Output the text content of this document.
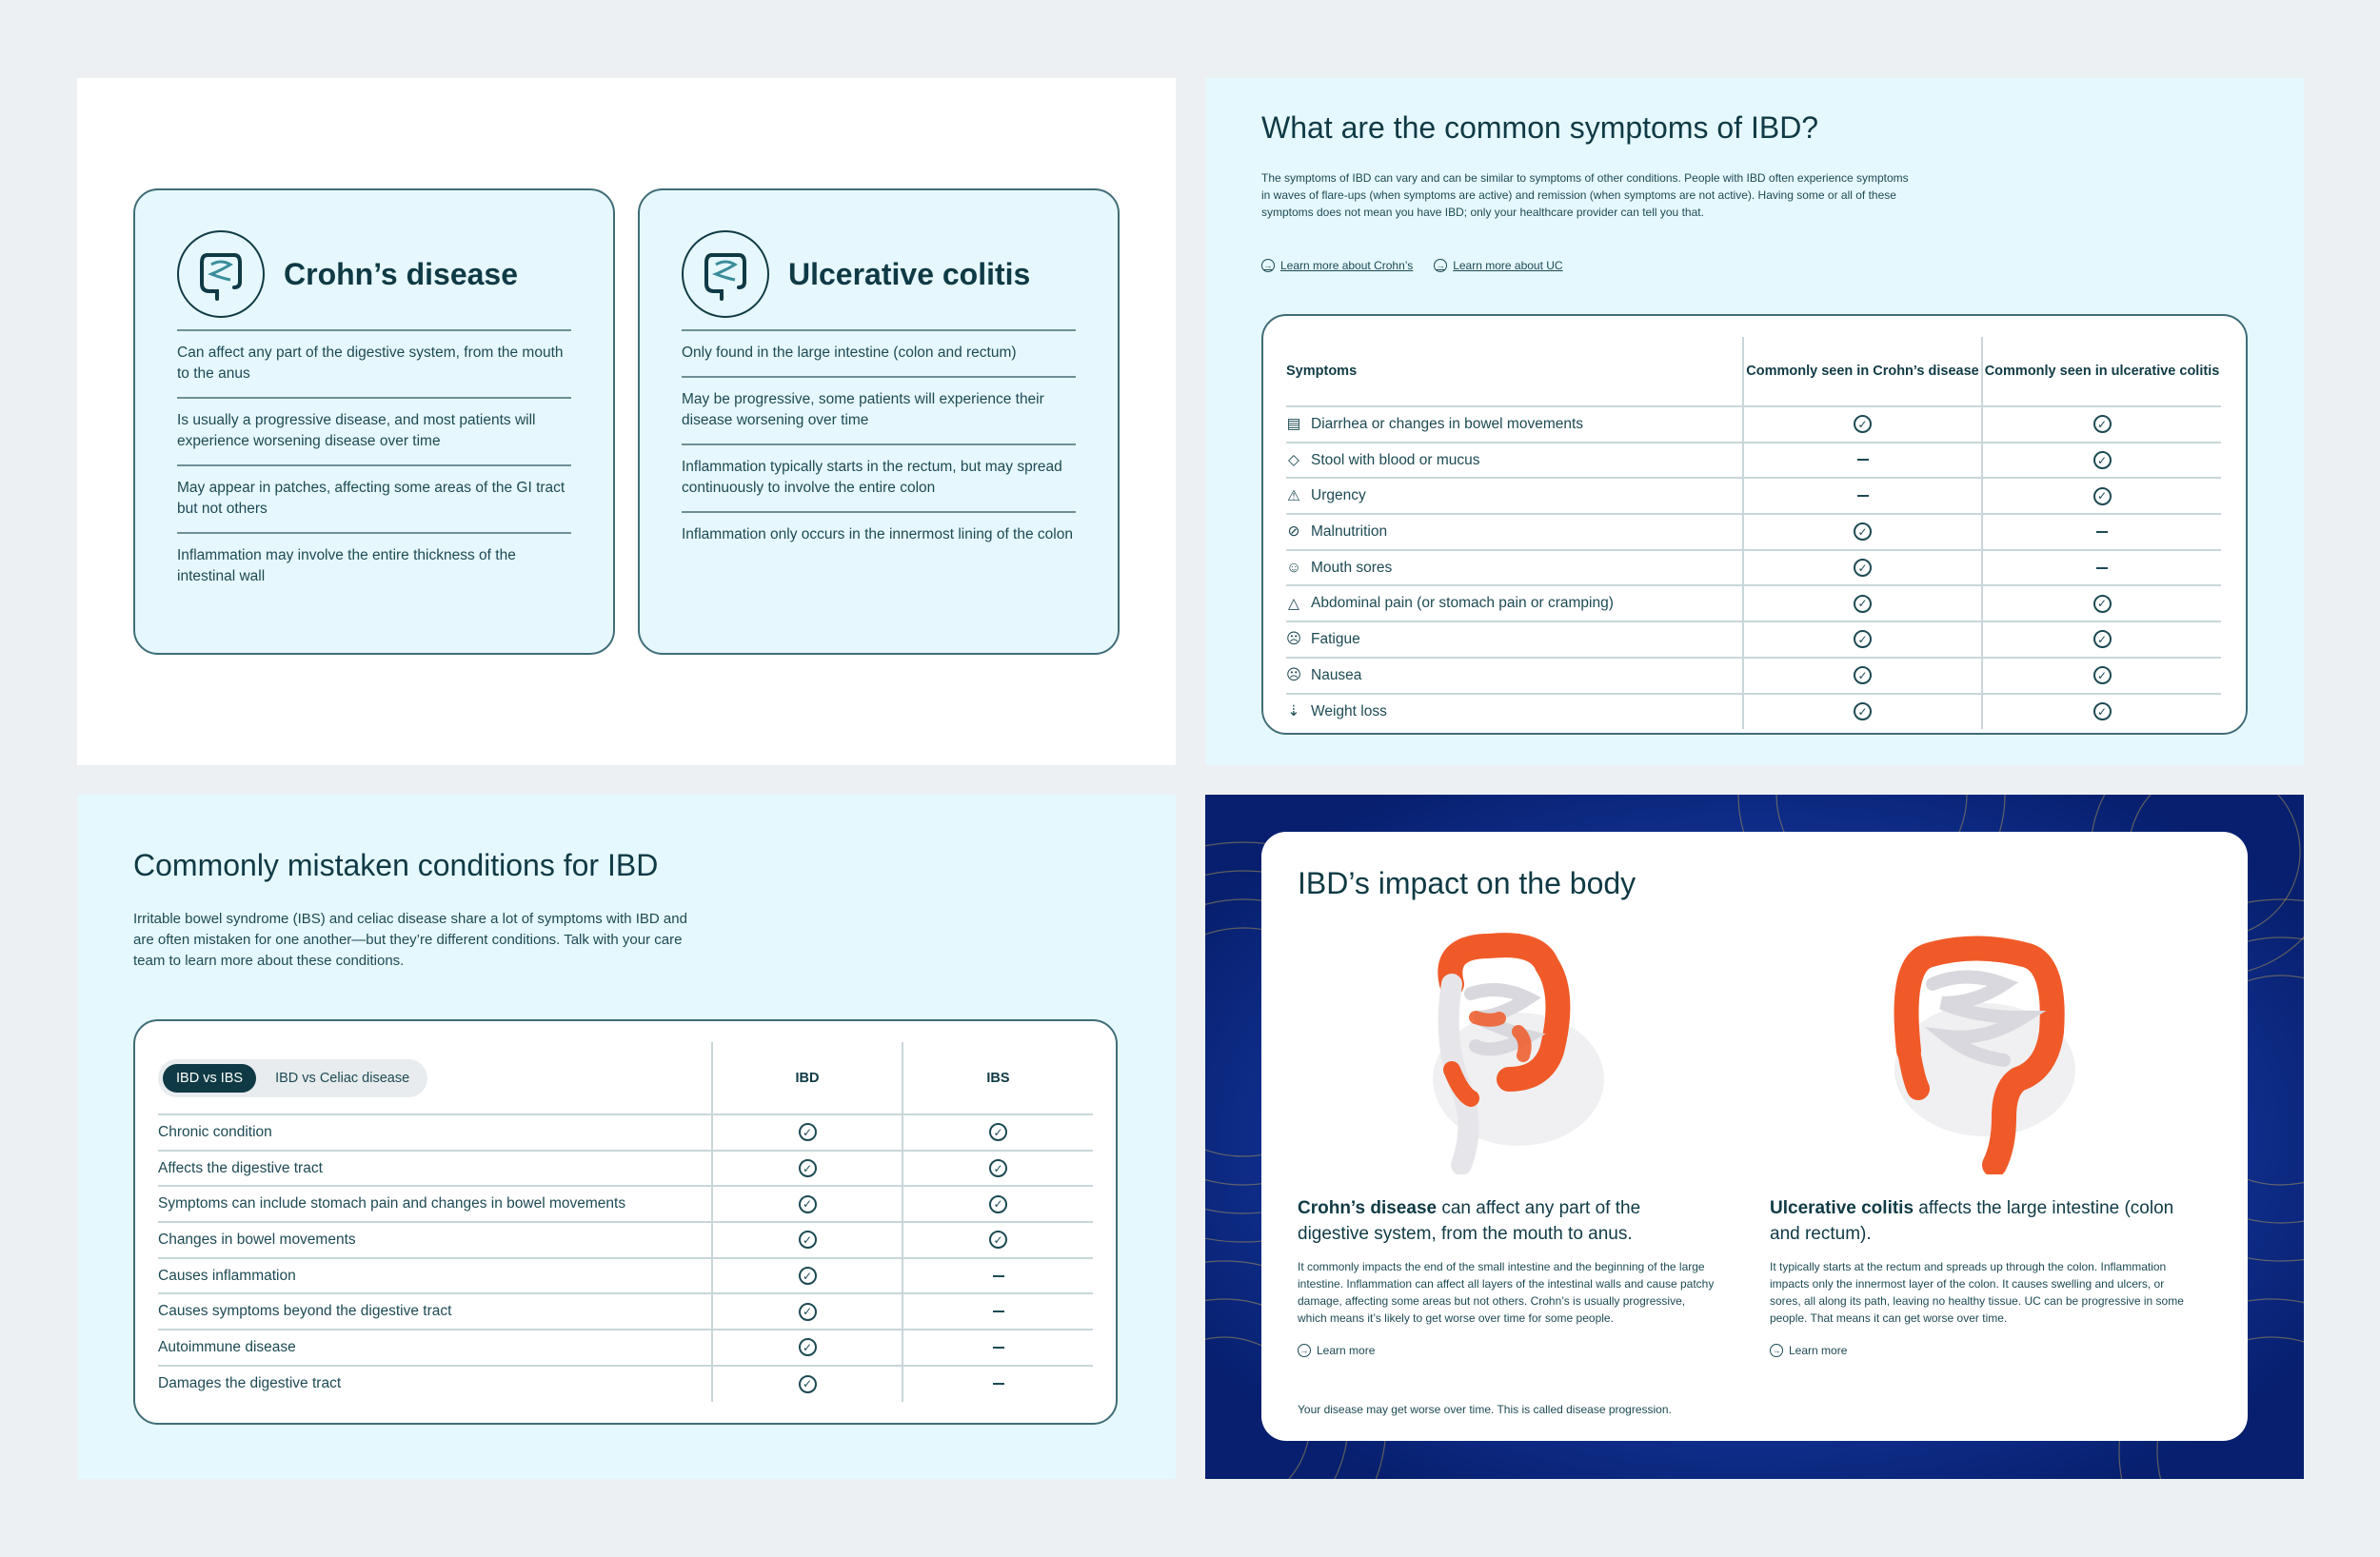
Crohn’s disease
Can affect any part of the digestive system, from the mouth to the anus
Is usually a progressive disease, and most patients will experience worsening disease over time
May appear in patches, affecting some areas of the GI tract but not others
Inflammation may involve the entire thickness of the intestinal wall
Ulcerative colitis
Only found in the large intestine (colon and rectum)
May be progressive, some patients will experience their disease worsening over time
Inflammation typically starts in the rectum, but may spread continuously to involve the entire colon
Inflammation only occurs in the innermost lining of the colon
What are the common symptoms of IBD?

The symptoms of IBD can vary and can be similar to symptoms of other conditions. People with IBD often experience symptoms in waves of flare-ups (when symptoms are active) and remission (when symptoms are not active). Having some or all of these symptoms does not mean you have IBD; only your healthcare provider can tell you that.

→ Learn more about Crohn’s	→ Learn more about UC
Symptoms	Commonly seen in Crohn’s disease	Commonly seen in ulcerative colitis

▤ Diarrhea or changes in bowel movements	✓	✓

◇ Stool with blood or mucus		✓

⚠ Urgency		✓

⊘ Malnutrition	✓	

☺ Mouth sores	✓	

△ Abdominal pain (or stomach pain or cramping)	✓	✓

☹ Fatigue	✓	✓

☹ Nausea	✓	✓

⇣ Weight loss	✓	✓
Commonly mistaken conditions for IBD

Irritable bowel syndrome (IBS) and celiac disease share a lot of symptoms with IBD and are often mistaken for one another—but they’re different conditions. Talk with your care team to learn more about these conditions.

IBD vs IBS IBD vs Celiac disease	IBD	IBS
Chronic condition	✓	✓
Affects the digestive tract	✓	✓
Symptoms can include stomach pain and changes in bowel movements	✓	✓
Changes in bowel movements	✓	✓
Causes inflammation	✓	
Causes symptoms beyond the digestive tract	✓	
Autoimmune disease	✓	
Damages the digestive tract	✓	
IBD’s impact on the body

Crohn’s disease can affect any part of the digestive system, from the mouth to anus.

It commonly impacts the end of the small intestine and the beginning of the large intestine. Inflammation can affect all layers of the intestinal walls and cause patchy damage, affecting some areas but not others. Crohn’s is usually progressive, which means it’s likely to get worse over time for some people.

→ Learn more

Ulcerative colitis affects the large intestine (colon and rectum).

It typically starts at the rectum and spreads up through the colon. Inflammation impacts only the innermost layer of the colon. It causes swelling and ulcers, or sores, all along its path, leaving no healthy tissue. UC can be progressive in some people. That means it can get worse over time.

→ Learn more

Your disease may get worse over time. This is called disease progression.
